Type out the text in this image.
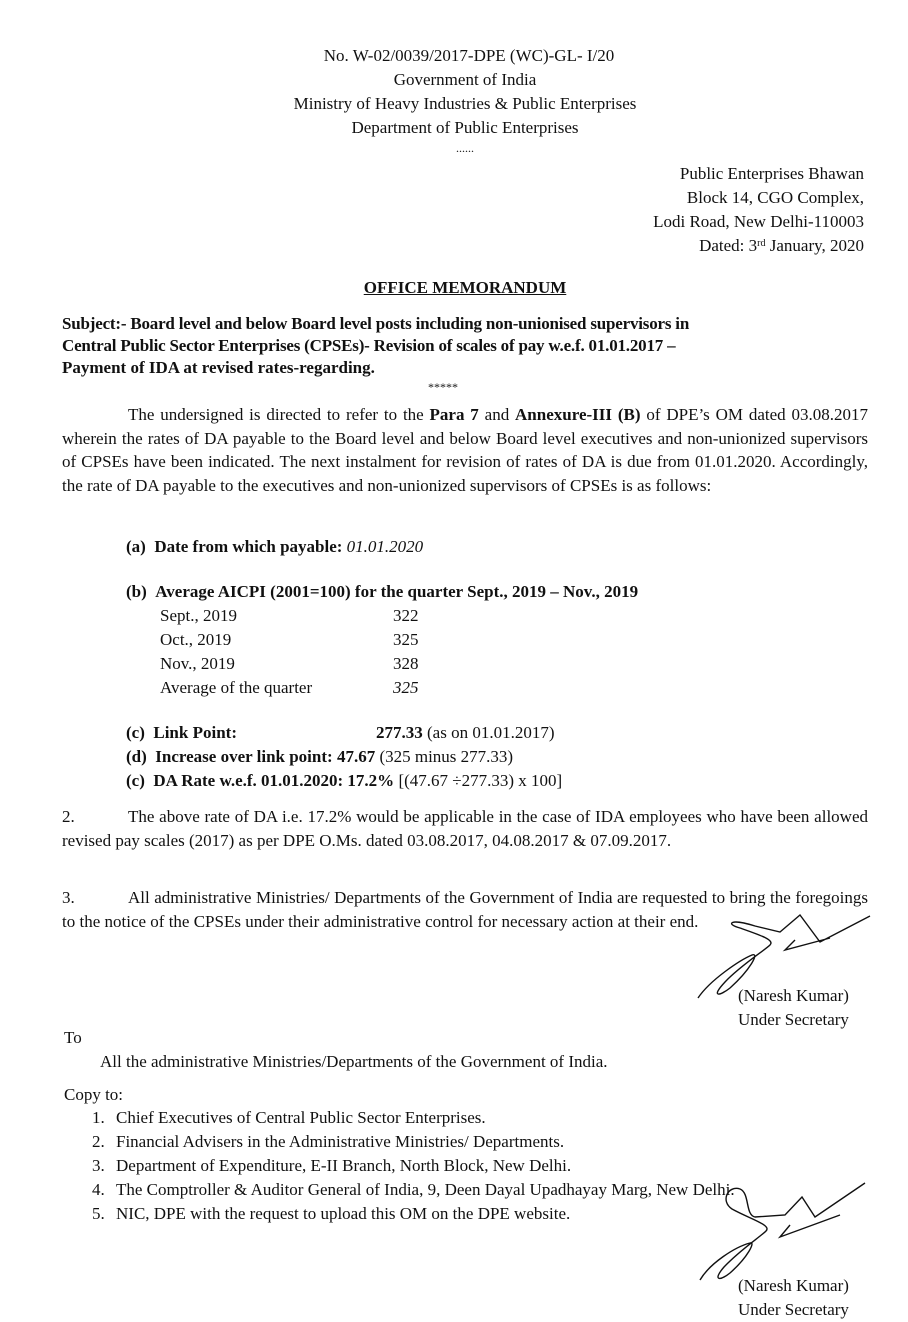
No. W-02/0039/2017-DPE (WC)-GL- I/20
Government of India
Ministry of Heavy Industries & Public Enterprises
Department of Public Enterprises
......
Public Enterprises Bhawan
Block 14, CGO Complex,
Lodi Road, New Delhi-110003
Dated: 3rd January, 2020
OFFICE MEMORANDUM
Subject:- Board level and below Board level posts including non-unionised supervisors in
Central Public Sector Enterprises (CPSEs)- Revision of scales of pay w.e.f. 01.01.2017 –
Payment of IDA at revised rates-regarding.
*****
The undersigned is directed to refer to the Para 7 and Annexure-III (B) of DPE’s OM dated 03.08.2017 wherein the rates of DA payable to the Board level and below Board level executives and non-unionized supervisors of CPSEs have been indicated. The next instalment for revision of rates of DA is due from 01.01.2020. Accordingly, the rate of DA payable to the executives and non-unionized supervisors of CPSEs is as follows:
(a) Date from which payable: 01.01.2020
(b) Average AICPI (2001=100) for the quarter Sept., 2019 – Nov., 2019
Sept., 2019	322
Oct., 2019	325
Nov., 2019	328
Average of the quarter	325
(c) Link Point:	277.33 (as on 01.01.2017)
(d) Increase over link point: 47.67 (325 minus 277.33)
(c) DA Rate w.e.f. 01.01.2020: 17.2% [(47.67 ÷277.33) x 100]
2.	The above rate of DA i.e. 17.2% would be applicable in the case of IDA employees who have been allowed revised pay scales (2017) as per DPE O.Ms. dated 03.08.2017, 04.08.2017 & 07.09.2017.
3.	All administrative Ministries/ Departments of the Government of India are requested to bring the foregoings to the notice of the CPSEs under their administrative control for necessary action at their end.
(Naresh Kumar)
Under Secretary
To
All the administrative Ministries/Departments of the Government of India.
Copy to:
1. Chief Executives of Central Public Sector Enterprises.
2. Financial Advisers in the Administrative Ministries/ Departments.
3. Department of Expenditure, E-II Branch, North Block, New Delhi.
4. The Comptroller & Auditor General of India, 9, Deen Dayal Upadhayay Marg, New Delhi.
5. NIC, DPE with the request to upload this OM on the DPE website.
(Naresh Kumar)
Under Secretary
